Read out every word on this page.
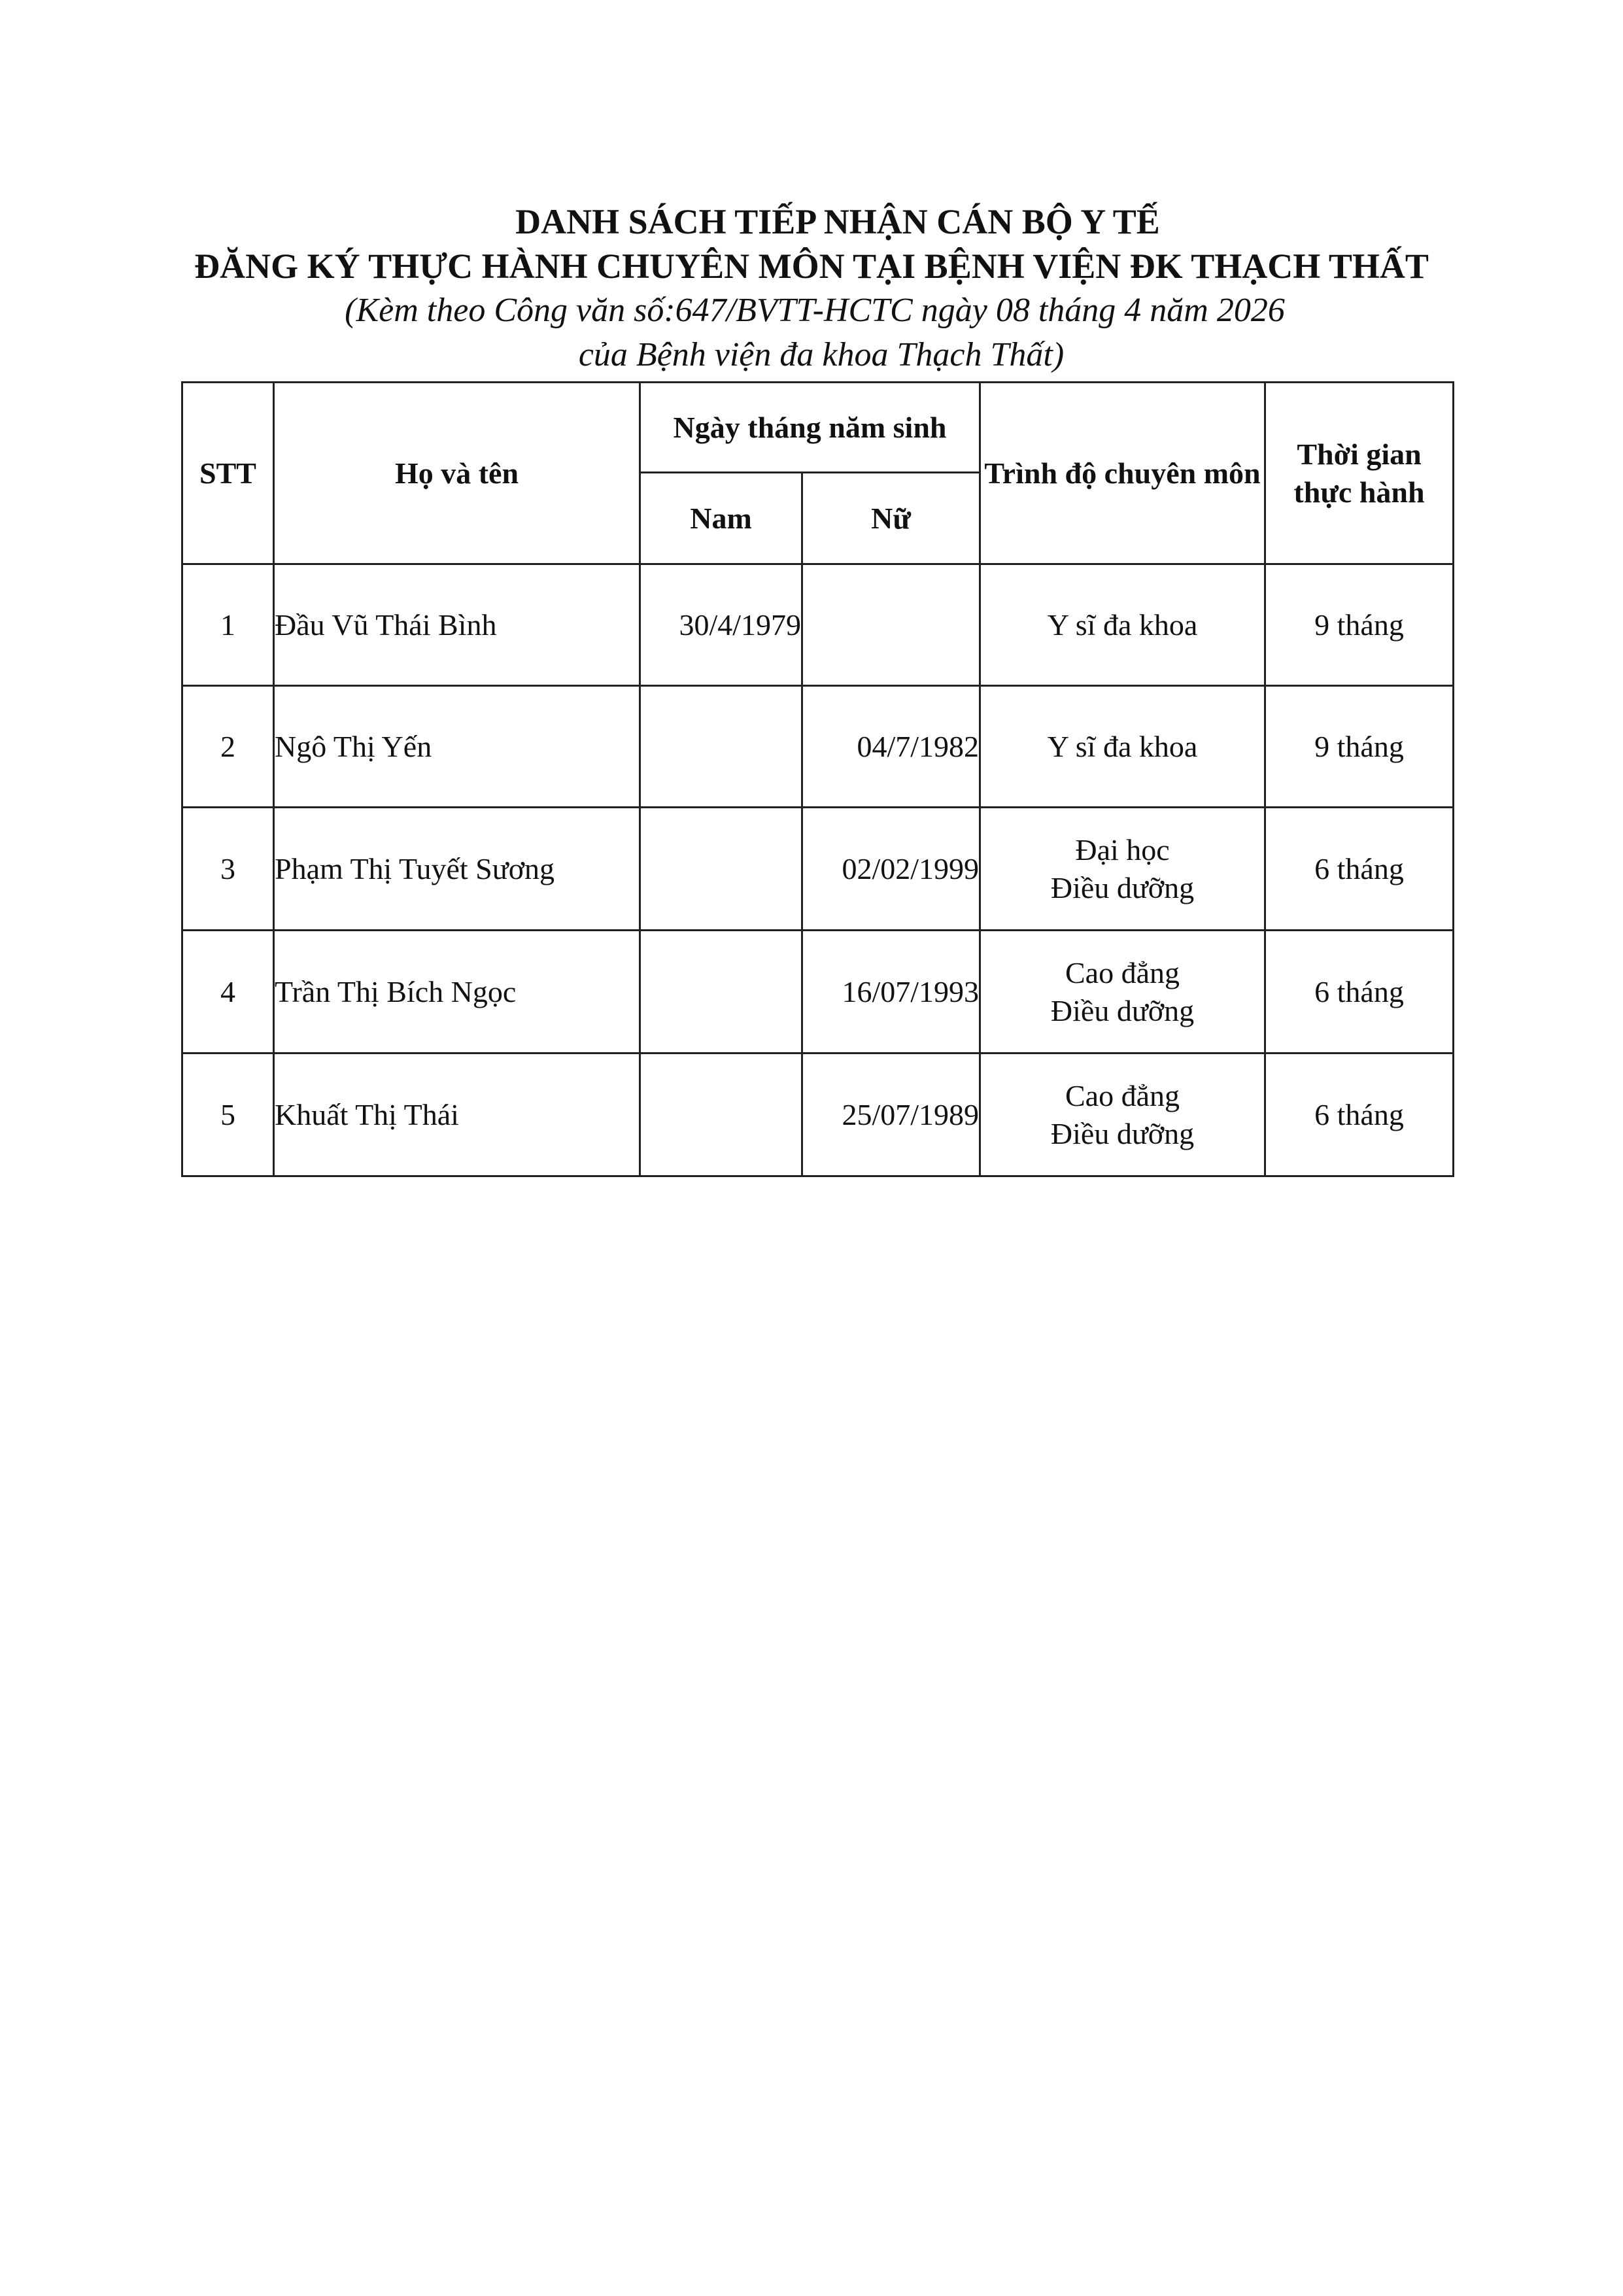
DANH SÁCH TIẾP NHẬN CÁN BỘ Y TẾ
ĐĂNG KÝ THỰC HÀNH CHUYÊN MÔN TẠI BỆNH VIỆN ĐK THẠCH THẤT
(Kèm theo Công văn số:647/BVTT-HCTC ngày 08 tháng 4 năm 2026
của Bệnh viện đa khoa Thạch Thất)
STT	Họ và tên	Ngày tháng năm sinh		Trình độ chuyên môn	Thời gian thực hành
		Nam	Nữ		
1	Đầu Vũ Thái Bình	30/4/1979		Y sĩ đa khoa	9 tháng
2	Ngô Thị Yến		04/7/1982	Y sĩ đa khoa	9 tháng
3	Phạm Thị Tuyết Sương		02/02/1999	Đại học
Điều dưỡng	6 tháng
4	Trần Thị Bích Ngọc		16/07/1993	Cao đẳng
Điều dưỡng	6 tháng
5	Khuất Thị Thái		25/07/1989	Cao đẳng
Điều dưỡng	6 tháng
